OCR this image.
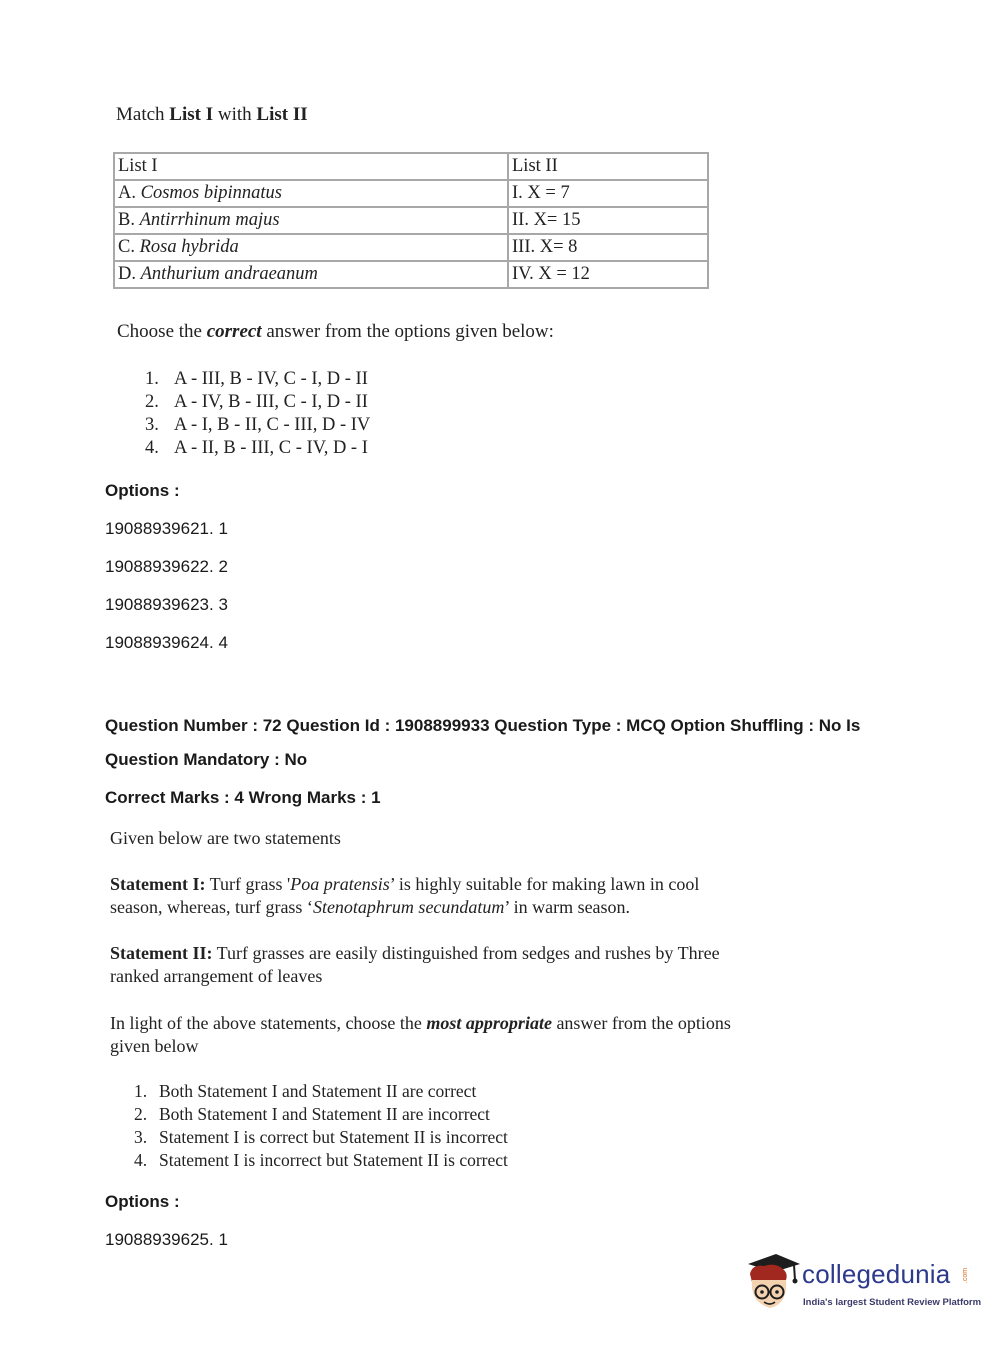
Match List I with List II
List I	List II
A. Cosmos bipinnatus	I. X = 7
B. Antirrhinum majus	II. X= 15
C. Rosa hybrida	III. X= 8
D. Anthurium andraeanum	IV. X = 12
Choose the correct answer from the options given below:
1. A - III, B - IV, C - I, D - II
2. A - IV, B - III, C - I, D - II
3. A - I, B - II, C - III, D - IV
4. A - II, B - III, C - IV, D - I
Options :
19088939621. 1
19088939622. 2
19088939623. 3
19088939624. 4
Question Number : 72 Question Id : 1908899933 Question Type : MCQ Option Shuffling : No Is
Question Mandatory : No
Correct Marks : 4 Wrong Marks : 1
Given below are two statements
Statement I: Turf grass 'Poa pratensis’ is highly suitable for making lawn in cool season, whereas, turf grass ‘Stenotaphrum secundatum’ in warm season.
Statement II: Turf grasses are easily distinguished from sedges and rushes by Three ranked arrangement of leaves
In light of the above statements, choose the most appropriate answer from the options given below
1. Both Statement I and Statement II are correct
2. Both Statement I and Statement II are incorrect
3. Statement I is correct but Statement II is incorrect
4. Statement I is incorrect but Statement II is correct
Options :
19088939625. 1
collegedunia .com
India's largest Student Review Platform
